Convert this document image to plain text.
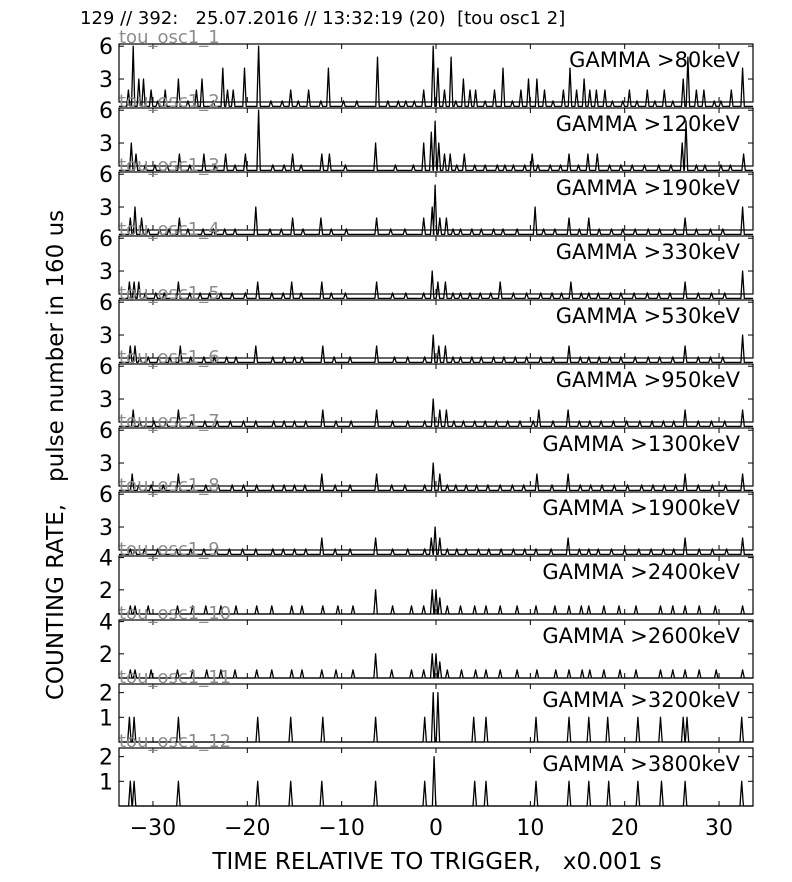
129 // 392:   25.07.2016 // 13:32:19 (20)  [tou osc1 2]
COUNTING RATE,   pulse number in 160 us
TIME RELATIVE TO TRIGGER,   x0.001 s
3
6	GAMMA >80keV
tou_osc1_1
3
6	GAMMA >120keV
tou_osc1_2
3
6	GAMMA >190keV
tou_osc1_3
3
6	GAMMA >330keV
tou_osc1_4
3
6	GAMMA >530keV
tou_osc1_5
3
6	GAMMA >950keV
tou_osc1_6
3
6	GAMMA >1300keV
tou_osc1_7
3
6	GAMMA >1900keV
tou_osc1_8
2
4
GAMMA >2400keV
tou_osc1_9
2
4
GAMMA >2600keV
tou_osc1_10
1
2	GAMMA >3200keV
tou_osc1_11
1
2	GAMMA >3800keV
tou_osc1_12
−30 −20 −10	0	10	20	30
